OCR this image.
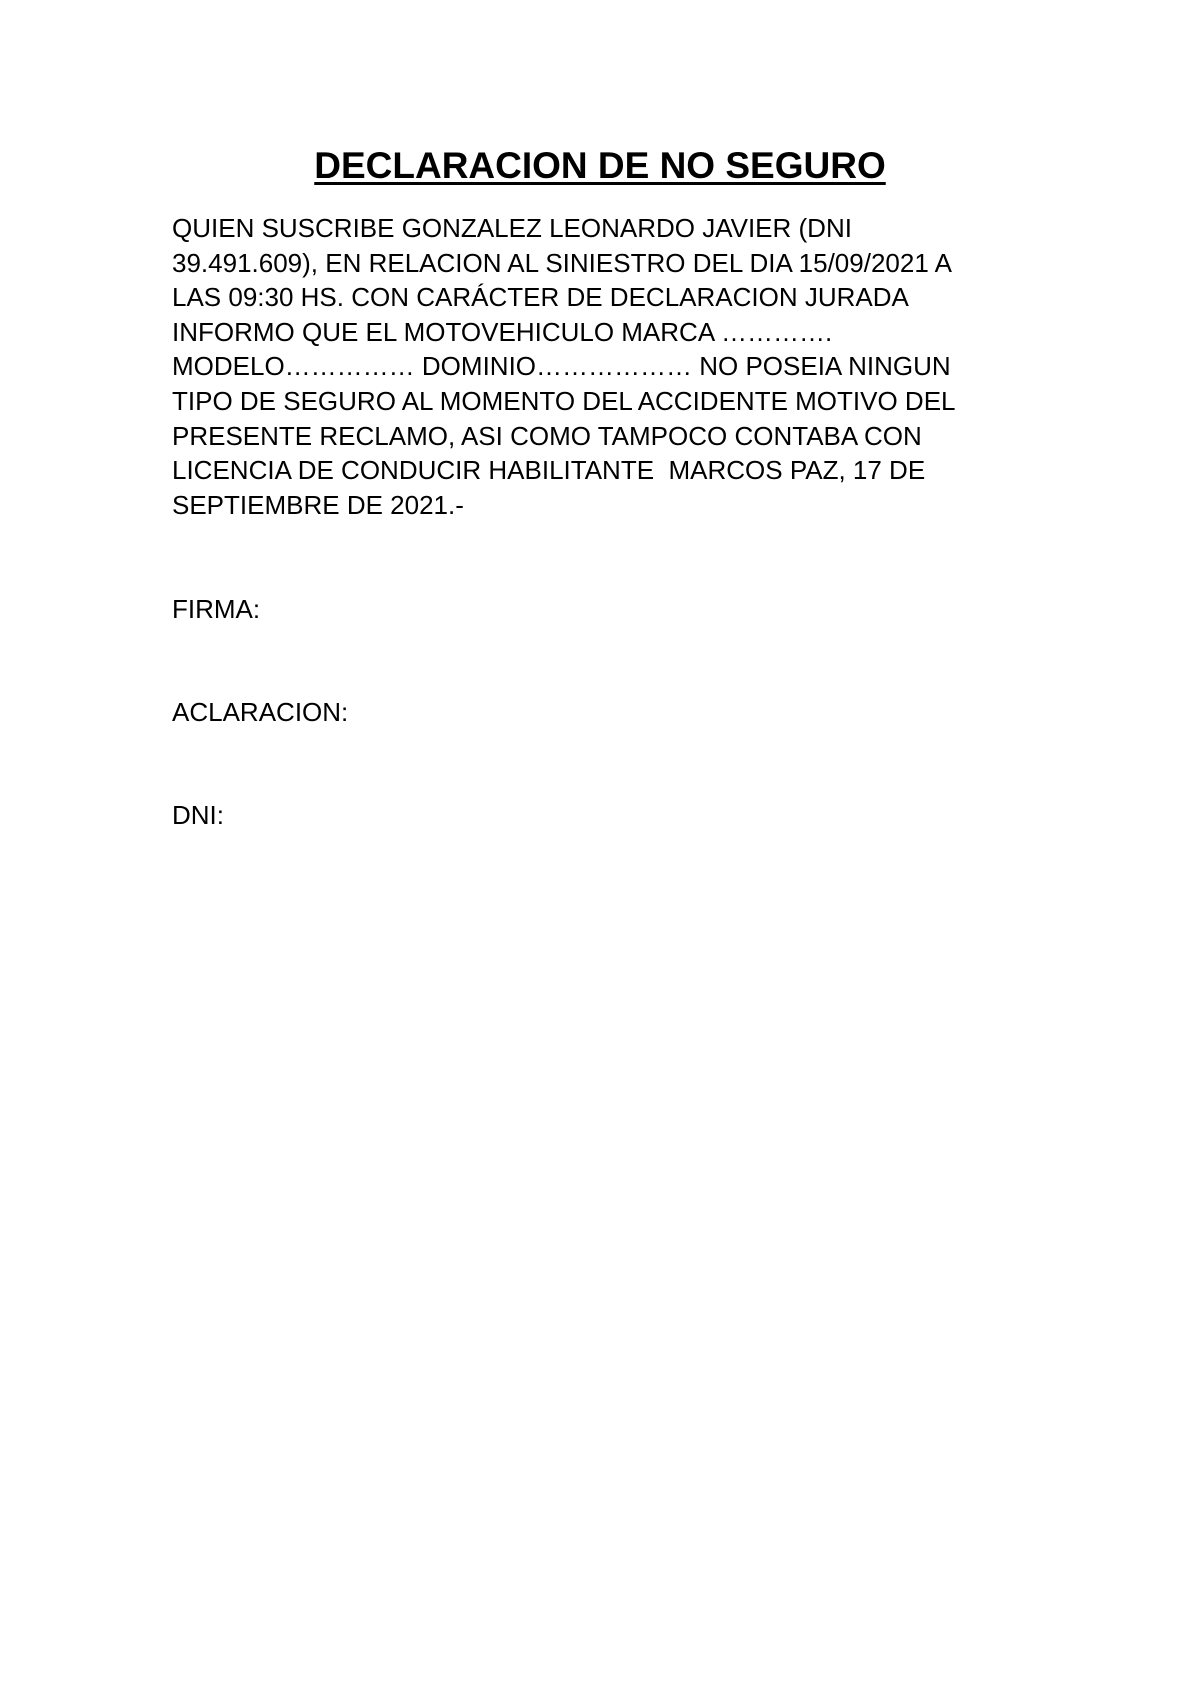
DECLARACION DE NO SEGURO
QUIEN SUSCRIBE GONZALEZ LEONARDO JAVIER (DNI
39.491.609), EN RELACION AL SINIESTRO DEL DIA 15/09/2021 A
LAS 09:30 HS. CON CARÁCTER DE DECLARACION JURADA
INFORMO QUE EL MOTOVEHICULO MARCA ………….
MODELO…………… DOMINIO……………… NO POSEIA NINGUN
TIPO DE SEGURO AL MOMENTO DEL ACCIDENTE MOTIVO DEL
PRESENTE RECLAMO, ASI COMO TAMPOCO CONTABA CON
LICENCIA DE CONDUCIR HABILITANTE  MARCOS PAZ, 17 DE
SEPTIEMBRE DE 2021.-

FIRMA:

ACLARACION:

DNI:
